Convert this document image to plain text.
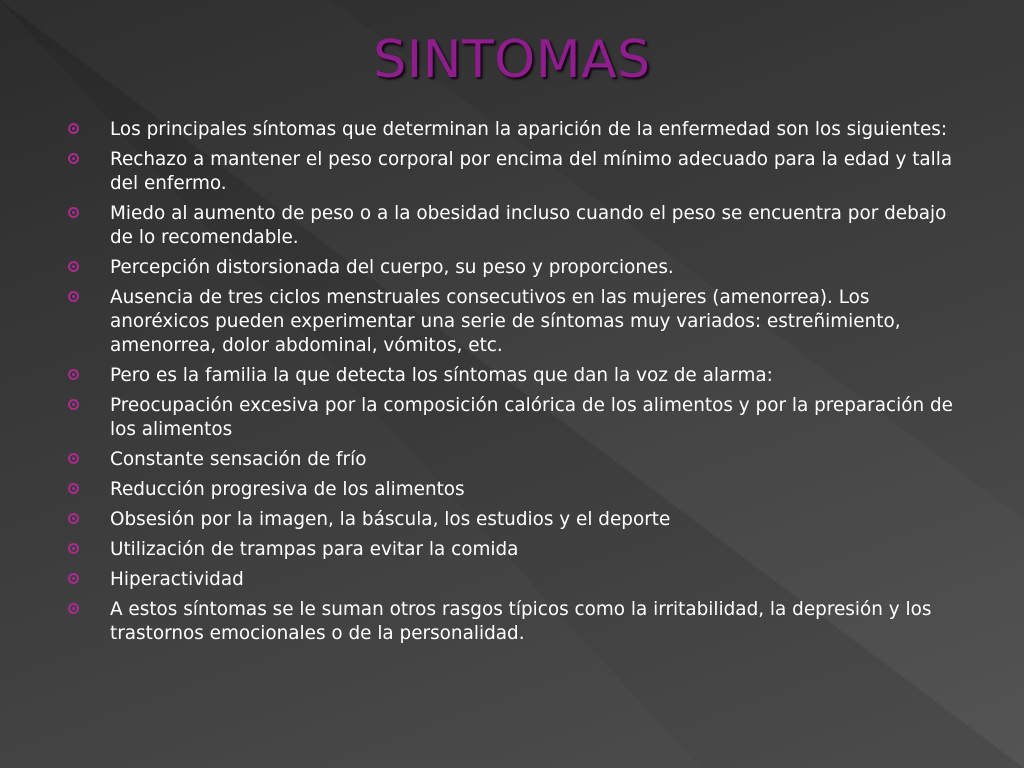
SINTOMAS
Los principales síntomas que determinan la aparición de la enfermedad son los siguientes:
Rechazo a mantener el peso corporal por encima del mínimo adecuado para la edad y talla del enfermo.
Miedo al aumento de peso o a la obesidad incluso cuando el peso se encuentra por debajo de lo recomendable.
Percepción distorsionada del cuerpo, su peso y proporciones.
Ausencia de tres ciclos menstruales consecutivos en las mujeres (amenorrea). Los anoréxicos pueden experimentar una serie de síntomas muy variados: estreñimiento, amenorrea, dolor abdominal, vómitos, etc.
Pero es la familia la que detecta los síntomas que dan la voz de alarma:
Preocupación excesiva por la composición calórica de los alimentos y por la preparación de los alimentos
Constante sensación de frío
Reducción progresiva de los alimentos
Obsesión por la imagen, la báscula, los estudios y el deporte
Utilización de trampas para evitar la comida
Hiperactividad
A estos síntomas se le suman otros rasgos típicos como la irritabilidad, la depresión y los trastornos emocionales o de la personalidad.
